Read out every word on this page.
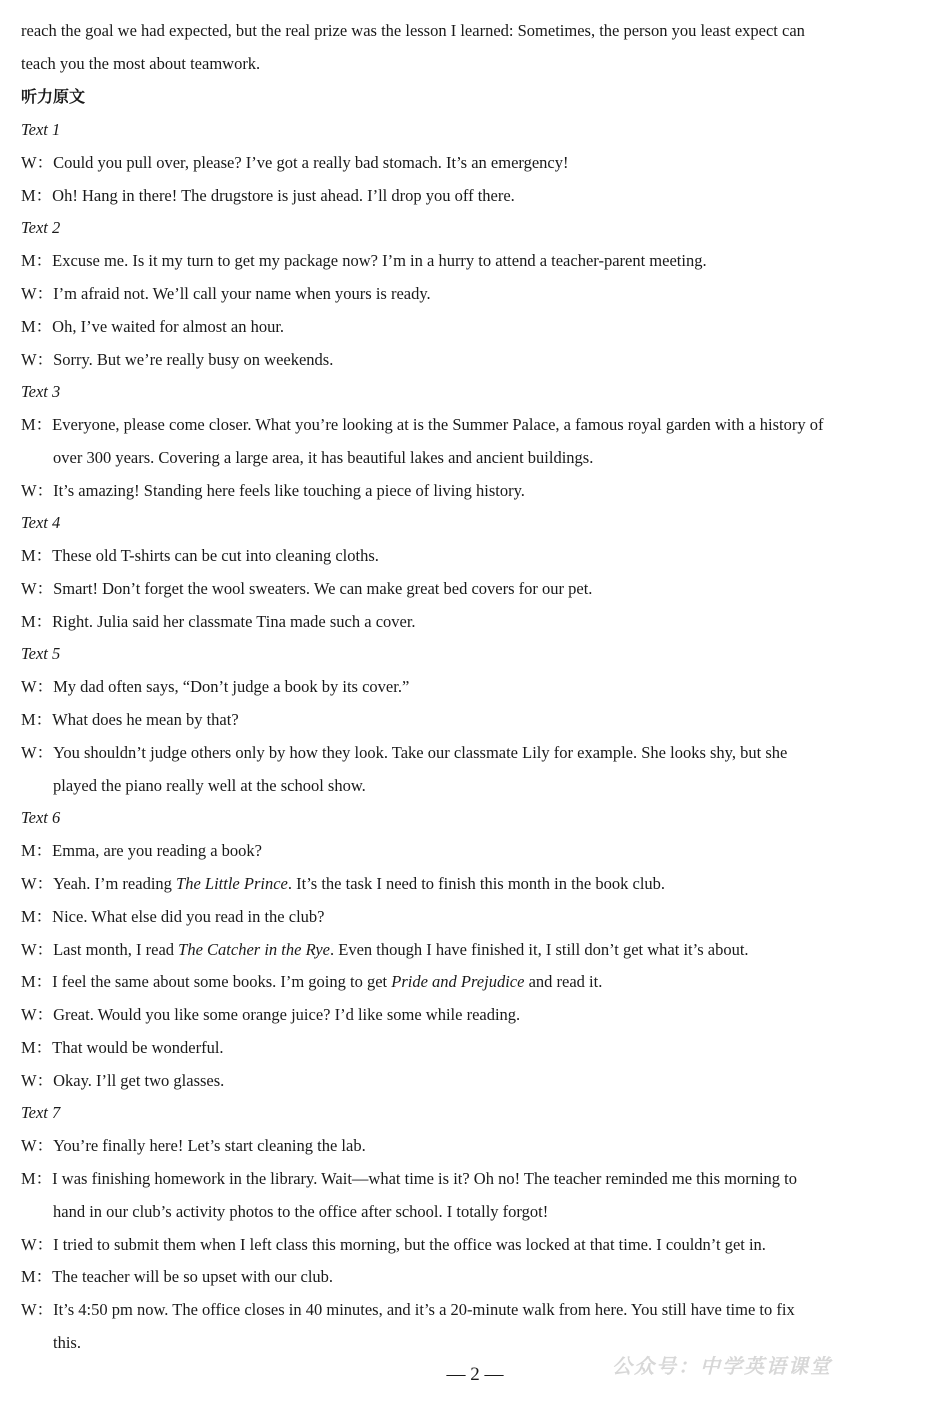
reach the goal we had expected, but the real prize was the lesson I learned: Sometimes, the person you least expect can
teach you the most about teamwork.
听力原文
Text 1
W：Could you pull over, please? I’ve got a really bad stomach. It’s an emergency!
M：Oh! Hang in there! The drugstore is just ahead. I’ll drop you off there.
Text 2
M：Excuse me. Is it my turn to get my package now? I’m in a hurry to attend a teacher-parent meeting.
W：I’m afraid not. We’ll call your name when yours is ready.
M：Oh, I’ve waited for almost an hour.
W：Sorry. But we’re really busy on weekends.
Text 3
M：Everyone, please come closer. What you’re looking at is the Summer Palace, a famous royal garden with a history of
over 300 years. Covering a large area, it has beautiful lakes and ancient buildings.
W：It’s amazing! Standing here feels like touching a piece of living history.
Text 4
M：These old T-shirts can be cut into cleaning cloths.
W：Smart! Don’t forget the wool sweaters. We can make great bed covers for our pet.
M：Right. Julia said her classmate Tina made such a cover.
Text 5
W：My dad often says, “Don’t judge a book by its cover.”
M：What does he mean by that?
W：You shouldn’t judge others only by how they look. Take our classmate Lily for example. She looks shy, but she
played the piano really well at the school show.
Text 6
M：Emma, are you reading a book?
W：Yeah. I’m reading The Little Prince. It’s the task I need to finish this month in the book club.
M：Nice. What else did you read in the club?
W：Last month, I read The Catcher in the Rye. Even though I have finished it, I still don’t get what it’s about.
M：I feel the same about some books. I’m going to get Pride and Prejudice and read it.
W：Great. Would you like some orange juice? I’d like some while reading.
M：That would be wonderful.
W：Okay. I’ll get two glasses.
Text 7
W：You’re finally here! Let’s start cleaning the lab.
M：I was finishing homework in the library. Wait—what time is it? Oh no! The teacher reminded me this morning to
hand in our club’s activity photos to the office after school. I totally forgot!
W：I tried to submit them when I left class this morning, but the office was locked at that time. I couldn’t get in.
M：The teacher will be so upset with our club.
W：It’s 4:50 pm now. The office closes in 40 minutes, and it’s a 20-minute walk from here. You still have time to fix
this.
— 2 —	公众号：中学英语课堂
